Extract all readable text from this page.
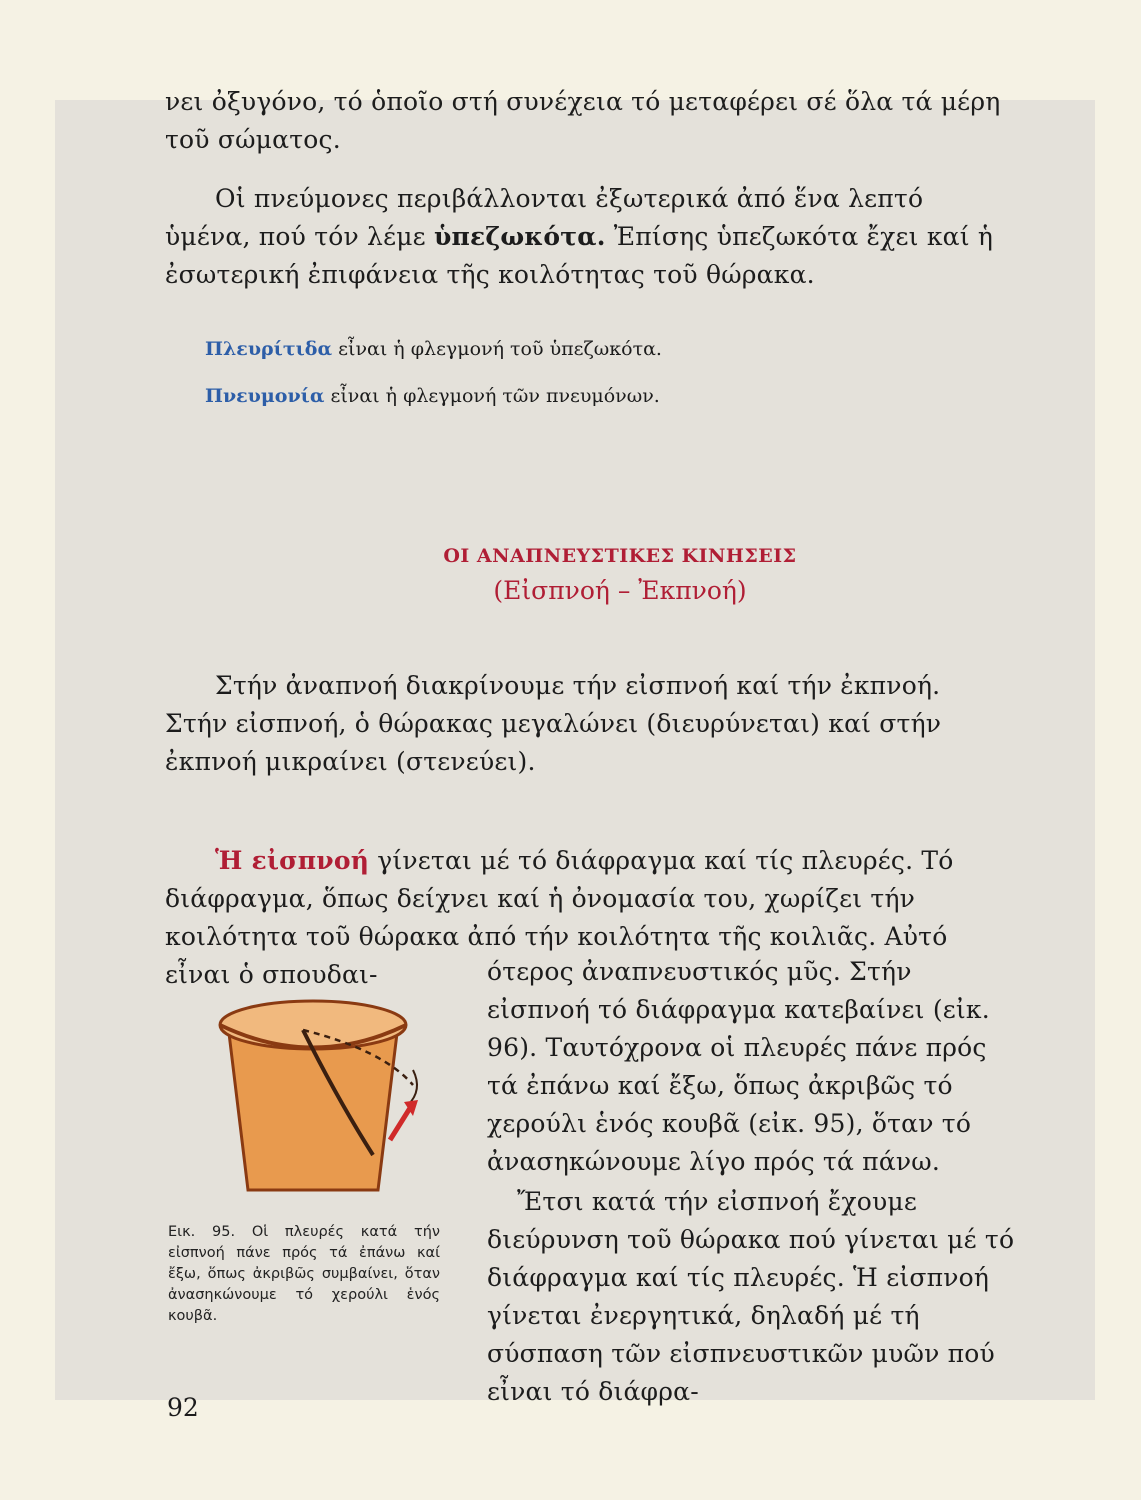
νει ὀξυγόνο, τό ὁποῖο στή συνέχεια τό μεταφέρει σέ ὅλα τά μέρη τοῦ σώματος.
Οἱ πνεύμονες περιβάλλονται ἐξωτερικά ἀπό ἕνα λεπτό ὑμένα, πού τόν λέμε ὑπεζωκότα. Ἐπίσης ὑπεζωκότα ἔχει καί ἡ ἐσωτερική ἐπιφάνεια τῆς κοιλότητας τοῦ θώρακα.
Πλευρίτιδα εἶναι ἡ φλεγμονή τοῦ ὑπεζωκότα.
Πνευμονία εἶναι ἡ φλεγμονή τῶν πνευμόνων.
ΟΙ ΑΝΑΠΝΕΥΣΤΙΚΕΣ ΚΙΝΗΣΕΙΣ
(Εἰσπνοή – Ἐκπνοή)
Στήν ἀναπνοή διακρίνουμε τήν εἰσπνοή καί τήν ἐκπνοή. Στήν εἰσπνοή, ὁ θώρακας μεγαλώνει (διευρύνεται) καί στήν ἐκπνοή μικραίνει (στενεύει).
Ἡ εἰσπνοή γίνεται μέ τό διάφραγμα καί τίς πλευρές. Τό διάφραγμα, ὅπως δείχνει καί ἡ ὀνομασία του, χωρίζει τήν κοιλότητα τοῦ θώρακα ἀπό τήν κοιλότητα τῆς κοιλιᾶς. Αὐτό εἶναι ὁ σπουδαι-	ότερος ἀναπνευστικός μῦς. Στήν εἰσπνοή τό διάφραγμα κατεβαίνει (εἰκ. 96). Ταυτόχρονα οἱ πλευρές πάνε πρός τά ἐπάνω καί ἔξω, ὅπως ἀκριβῶς τό χερούλι ἑνός κουβᾶ (εἰκ. 95), ὅταν τό ἀνασηκώνουμε λίγο πρός τά πάνω.
Εικ. 95. Οἱ πλευρές κατά τήν εἰσπνοή πάνε πρός τά ἐπάνω καί ἔξω, ὅπως ἀκριβῶς συμβαίνει, ὅταν ἀνασηκώνουμε τό χερούλι ἑνός κουβᾶ.
Ἔτσι κατά τήν εἰσπνοή ἔχουμε διεύρυνση τοῦ θώρακα πού γίνεται μέ τό διάφραγμα καί τίς πλευρές. Ἡ εἰσπνοή γίνεται ἐνεργητικά, δηλαδή μέ τή σύσπαση τῶν εἰσπνευστικῶν μυῶν πού εἶναι τό διάφρα-
92
